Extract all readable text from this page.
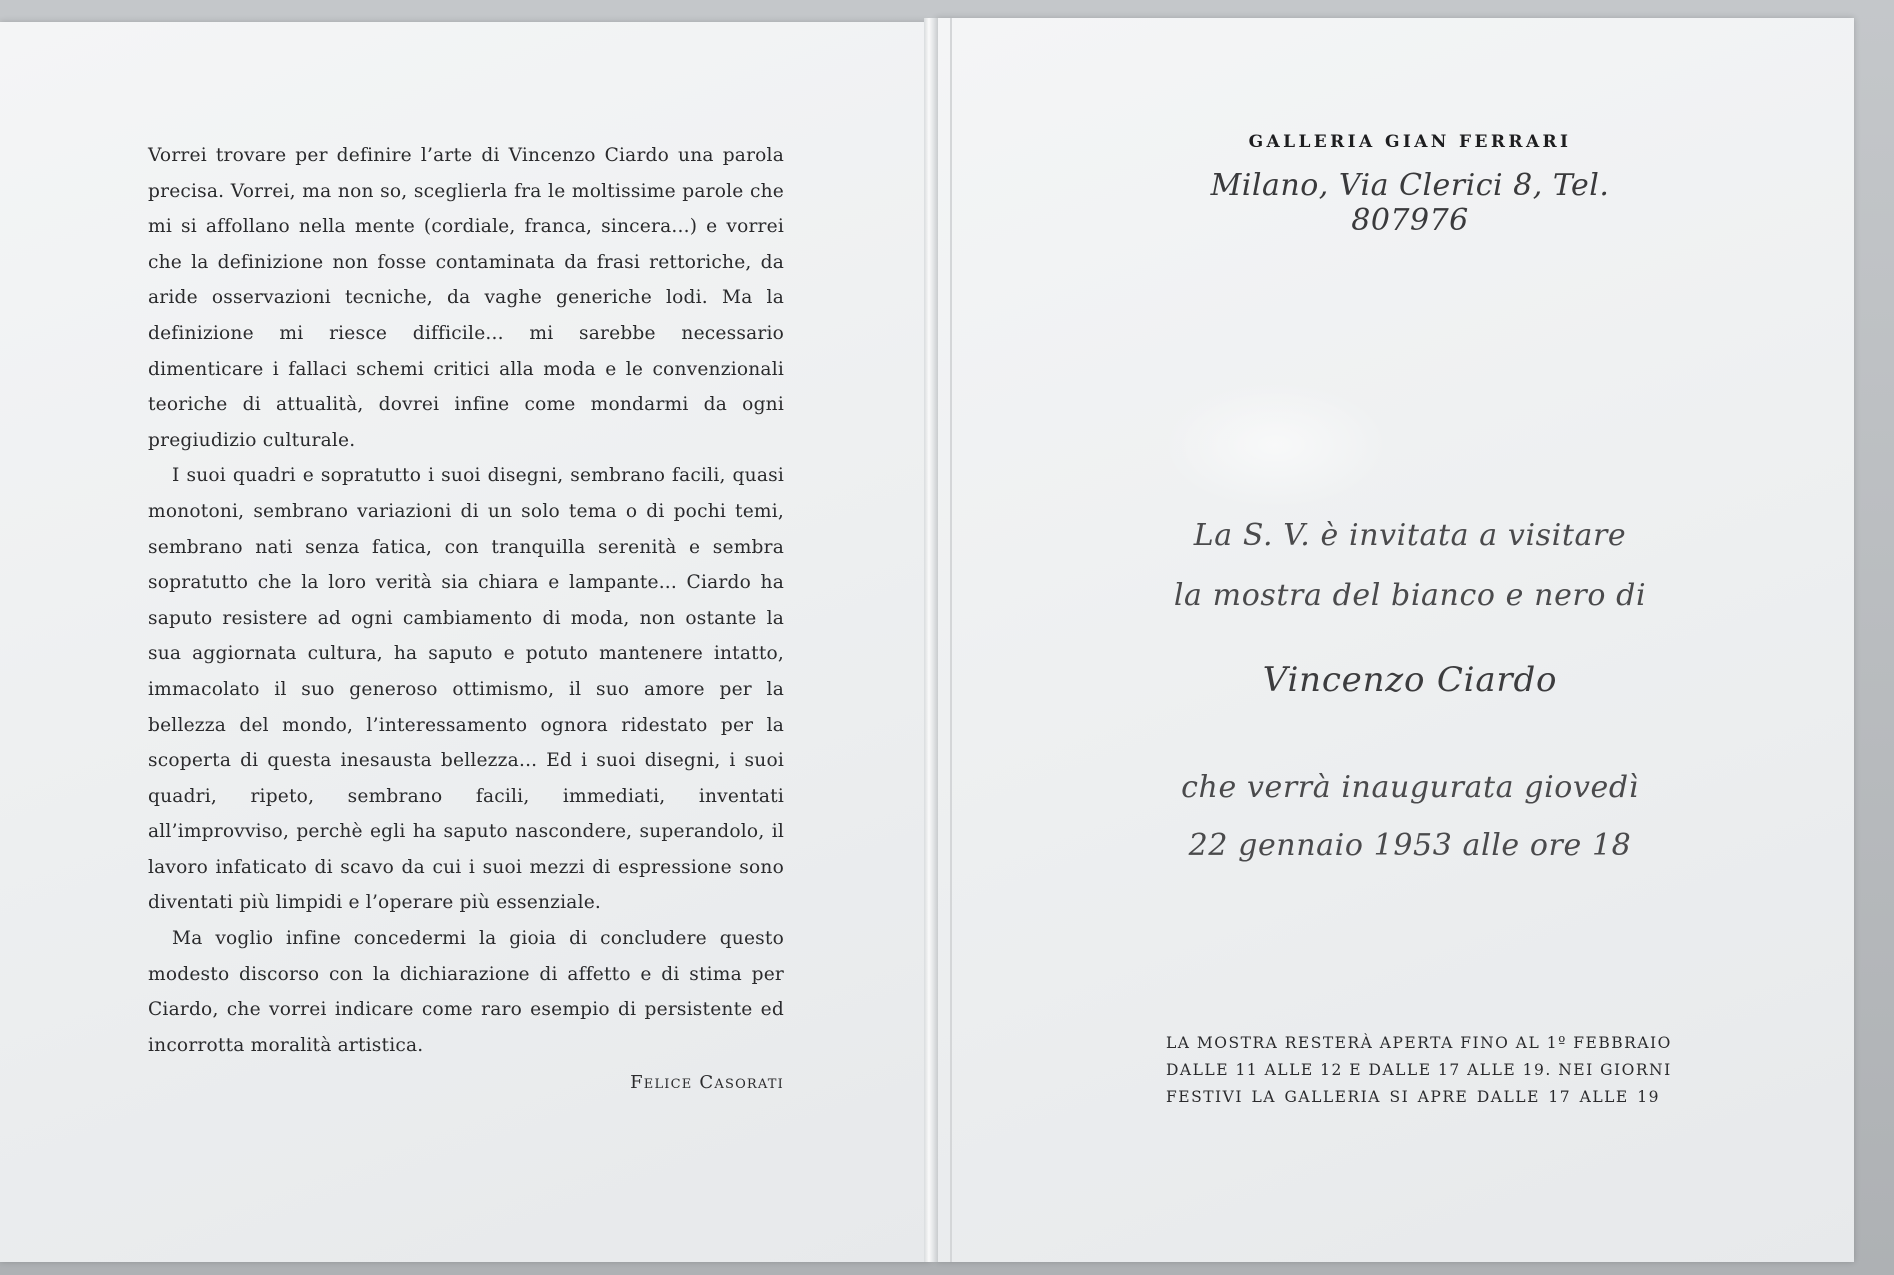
Vorrei trovare per definire l’arte di Vincenzo Ciardo una parola precisa. Vorrei, ma non so, sceglierla fra le moltissime parole che mi si affollano nella mente (cordiale, franca, sincera...) e vorrei che la definizione non fosse contaminata da frasi rettoriche, da aride osservazioni tecniche, da vaghe generiche lodi. Ma la definizione mi riesce difficile... mi sarebbe necessario dimenticare i fallaci schemi critici alla moda e le convenzionali teoriche di attualità, dovrei infine come mondarmi da ogni pregiudizio culturale.

I suoi quadri e sopratutto i suoi disegni, sembrano facili, quasi monotoni, sembrano variazioni di un solo tema o di pochi temi, sembrano nati senza fatica, con tranquilla serenità e sembra sopratutto che la loro verità sia chiara e lampante... Ciardo ha saputo resistere ad ogni cambiamento di moda, non ostante la sua aggiornata cultura, ha saputo e potuto mantenere intatto, immacolato il suo generoso ottimismo, il suo amore per la bellezza del mondo, l’interessamento ognora ridestato per la scoperta di questa inesausta bellezza... Ed i suoi disegni, i suoi quadri, ripeto, sembrano facili, immediati, inventati all’improvviso, perchè egli ha saputo nascondere, superandolo, il lavoro infaticato di scavo da cui i suoi mezzi di espressione sono diventati più limpidi e l’operare più essenziale.

Ma voglio infine concedermi la gioia di concludere questo modesto discorso con la dichiarazione di affetto e di stima per Ciardo, che vorrei indicare come raro esempio di persistente ed incorrotta moralità artistica.

Felice Casorati
GALLERIA GIAN FERRARI
Milano, Via Clerici 8, Tel. 807976
La S. V. è invitata a visitare
la mostra del bianco e nero di
Vincenzo Ciardo
che verrà inaugurata giovedì
22 gennaio 1953 alle ore 18
LA MOSTRA RESTERÀ APERTA FINO AL 1º FEBBRAIO
DALLE 11 ALLE 12 E DALLE 17 ALLE 19. NEI GIORNI
FESTIVI LA GALLERIA SI APRE DALLE 17 ALLE 19
